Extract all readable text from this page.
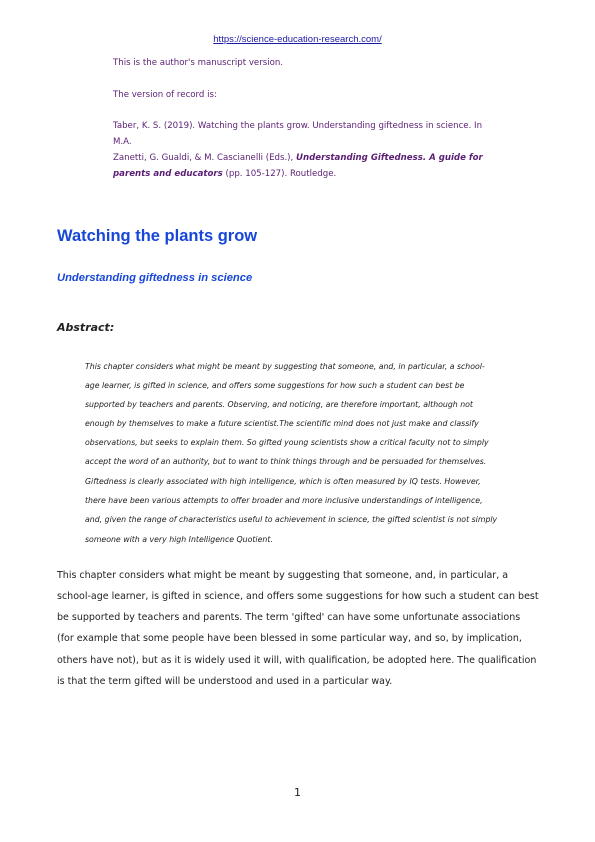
https://science-education-research.com/
This is the author's manuscript version.
The version of record is:
Taber, K. S. (2019). Watching the plants grow. Understanding giftedness in science. In M.A.
Zanetti, G. Gualdi, & M. Cascianelli (Eds.), Understanding Giftedness. A guide for
parents and educators (pp. 105-127). Routledge.
Watching the plants grow
Understanding giftedness in science
Abstract:
This chapter considers what might be meant by suggesting that someone, and, in particular, a school-
age learner, is gifted in science, and offers some suggestions for how such a student can best be
supported by teachers and parents. Observing, and noticing, are therefore important, although not
enough by themselves to make a future scientist.The scientific mind does not just make and classify
observations, but seeks to explain them. So gifted young scientists show a critical faculty not to simply
accept the word of an authority, but to want to think things through and be persuaded for themselves.
Giftedness is clearly associated with high intelligence, which is often measured by IQ tests. However,
there have been various attempts to offer broader and more inclusive understandings of intelligence,
and, given the range of characteristics useful to achievement in science, the gifted scientist is not simply
someone with a very high Intelligence Quotient.
This chapter considers what might be meant by suggesting that someone, and, in particular, a
school-age learner, is gifted in science, and offers some suggestions for how such a student can best
be supported by teachers and parents. The term 'gifted' can have some unfortunate associations
(for example that some people have been blessed in some particular way, and so, by implication,
others have not), but as it is widely used it will, with qualification, be adopted here. The qualification
is that the term gifted will be understood and used in a particular way.
1
